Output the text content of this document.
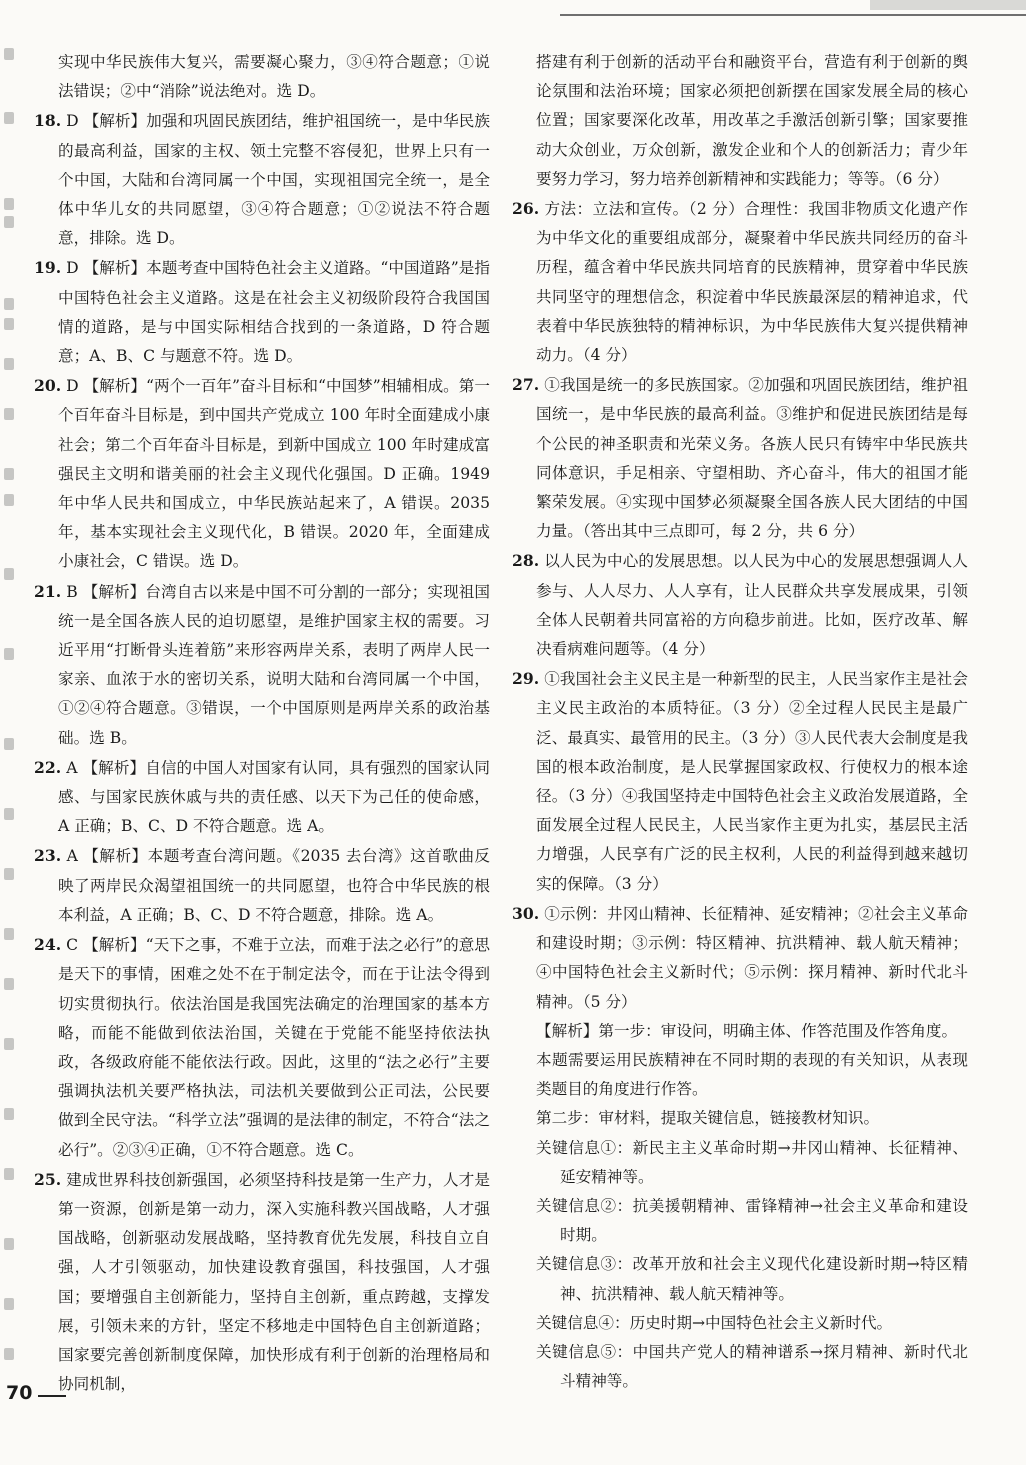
实现中华民族伟大复兴，需要凝心聚力，③④符合题意；①说法错误；②中“消除”说法绝对。选 D。

18. D 【解析】加强和巩固民族团结，维护祖国统一，是中华民族的最高利益，国家的主权、领土完整不容侵犯，世界上只有一个中国，大陆和台湾同属一个中国，实现祖国完全统一，是全体中华儿女的共同愿望，③④符合题意；①②说法不符合题意，排除。选 D。

19. D 【解析】本题考查中国特色社会主义道路。“中国道路”是指中国特色社会主义道路。这是在社会主义初级阶段符合我国国情的道路，是与中国实际相结合找到的一条道路，D 符合题意；A、B、C 与题意不符。选 D。

20. D 【解析】“两个一百年”奋斗目标和“中国梦”相辅相成。第一个百年奋斗目标是，到中国共产党成立 100 年时全面建成小康社会；第二个百年奋斗目标是，到新中国成立 100 年时建成富强民主文明和谐美丽的社会主义现代化强国。D 正确。1949 年中华人民共和国成立，中华民族站起来了，A 错误。2035 年，基本实现社会主义现代化，B 错误。2020 年，全面建成小康社会，C 错误。选 D。

21. B 【解析】台湾自古以来是中国不可分割的一部分；实现祖国统一是全国各族人民的迫切愿望，是维护国家主权的需要。习近平用“打断骨头连着筋”来形容两岸关系，表明了两岸人民一家亲、血浓于水的密切关系，说明大陆和台湾同属一个中国，①②④符合题意。③错误，一个中国原则是两岸关系的政治基础。选 B。

22. A 【解析】自信的中国人对国家有认同，具有强烈的国家认同感、与国家民族休戚与共的责任感、以天下为己任的使命感，A 正确；B、C、D 不符合题意。选 A。

23. A 【解析】本题考查台湾问题。《2035 去台湾》这首歌曲反映了两岸民众渴望祖国统一的共同愿望，也符合中华民族的根本利益，A 正确；B、C、D 不符合题意，排除。选 A。

24. C 【解析】“天下之事，不难于立法，而难于法之必行”的意思是天下的事情，困难之处不在于制定法令，而在于让法令得到切实贯彻执行。依法治国是我国宪法确定的治理国家的基本方略，而能不能做到依法治国，关键在于党能不能坚持依法执政，各级政府能不能依法行政。因此，这里的“法之必行”主要强调执法机关要严格执法，司法机关要做到公正司法，公民要做到全民守法。“科学立法”强调的是法律的制定，不符合“法之必行”。②③④正确，①不符合题意。选 C。

25. 建成世界科技创新强国，必须坚持科技是第一生产力，人才是第一资源，创新是第一动力，深入实施科教兴国战略，人才强国战略，创新驱动发展战略，坚持教育优先发展，科技自立自强，人才引领驱动，加快建设教育强国，科技强国，人才强国；要增强自主创新能力，坚持自主创新，重点跨越，支撑发展，引领未来的方针，坚定不移地走中国特色自主创新道路；国家要完善创新制度保障，加快形成有利于创新的治理格局和协同机制，

搭建有利于创新的活动平台和融资平台，营造有利于创新的舆论氛围和法治环境；国家必须把创新摆在国家发展全局的核心位置；国家要深化改革，用改革之手激活创新引擎；国家要推动大众创业，万众创新，激发企业和个人的创新活力；青少年要努力学习，努力培养创新精神和实践能力；等等。（6 分）

26. 方法：立法和宣传。（2 分）合理性：我国非物质文化遗产作为中华文化的重要组成部分，凝聚着中华民族共同经历的奋斗历程，蕴含着中华民族共同培育的民族精神，贯穿着中华民族共同坚守的理想信念，积淀着中华民族最深层的精神追求，代表着中华民族独特的精神标识，为中华民族伟大复兴提供精神动力。（4 分）

27. ①我国是统一的多民族国家。②加强和巩固民族团结，维护祖国统一，是中华民族的最高利益。③维护和促进民族团结是每个公民的神圣职责和光荣义务。各族人民只有铸牢中华民族共同体意识，手足相亲、守望相助、齐心奋斗，伟大的祖国才能繁荣发展。④实现中国梦必须凝聚全国各族人民大团结的中国力量。（答出其中三点即可，每 2 分，共 6 分）

28. 以人民为中心的发展思想。以人民为中心的发展思想强调人人参与、人人尽力、人人享有，让人民群众共享发展成果，引领全体人民朝着共同富裕的方向稳步前进。比如，医疗改革、解决看病难问题等。（4 分）

29. ①我国社会主义民主是一种新型的民主，人民当家作主是社会主义民主政治的本质特征。（3 分）②全过程人民民主是最广泛、最真实、最管用的民主。（3 分）③人民代表大会制度是我国的根本政治制度，是人民掌握国家政权、行使权力的根本途径。（3 分）④我国坚持走中国特色社会主义政治发展道路，全面发展全过程人民民主，人民当家作主更为扎实，基层民主活力增强，人民享有广泛的民主权利，人民的利益得到越来越切实的保障。（3 分）

30. ①示例：井冈山精神、长征精神、延安精神；②社会主义革命和建设时期；③示例：特区精神、抗洪精神、载人航天精神；④中国特色社会主义新时代；⑤示例：探月精神、新时代北斗精神。（5 分）

【解析】第一步：审设问，明确主体、作答范围及作答角度。

本题需要运用民族精神在不同时期的表现的有关知识，从表现类题目的角度进行作答。

第二步：审材料，提取关键信息，链接教材知识。

关键信息①：新民主主义革命时期→井冈山精神、长征精神、延安精神等。

关键信息②：抗美援朝精神、雷锋精神→社会主义革命和建设时期。

关键信息③：改革开放和社会主义现代化建设新时期→特区精神、抗洪精神、载人航天精神等。

关键信息④：历史时期→中国特色社会主义新时代。

关键信息⑤：中国共产党人的精神谱系→探月精神、新时代北斗精神等。

70
